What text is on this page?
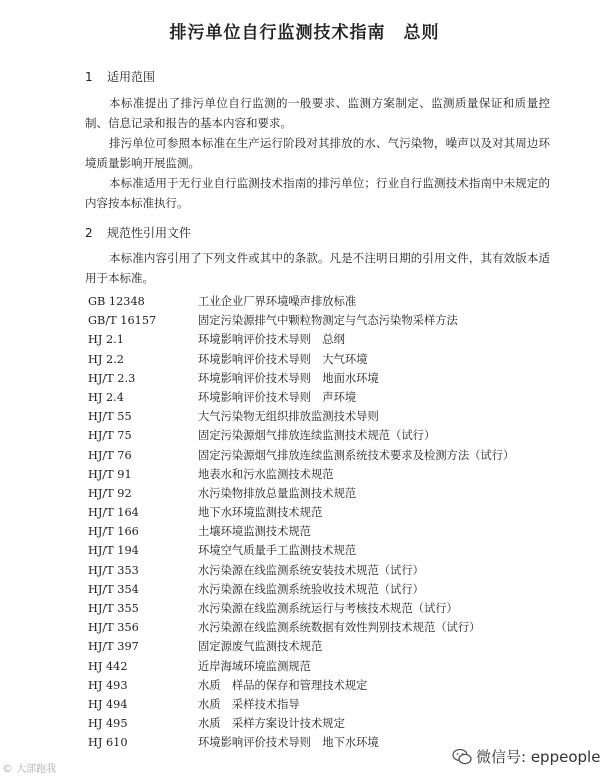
排污单位自行监测技术指南　总则
1 适用范围

本标准提出了排污单位自行监测的一般要求、监测方案制定、监测质量保证和质量控制、信息记录和报告的基本内容和要求。

排污单位可参照本标准在生产运行阶段对其排放的水、气污染物，噪声以及对其周边环境质量影响开展监测。

本标准适用于无行业自行监测技术指南的排污单位；行业自行监测技术指南中未规定的内容按本标准执行。

2 规范性引用文件

本标准内容引用了下列文件或其中的条款。凡是不注明日期的引用文件，其有效版本适用于本标准。

GB 12348	工业企业厂界环境噪声排放标准
GB/T 16157	固定污染源排气中颗粒物测定与气态污染物采样方法
HJ 2.1	环境影响评价技术导则　总纲
HJ 2.2	环境影响评价技术导则　大气环境
HJ/T 2.3	环境影响评价技术导则　地面水环境
HJ 2.4	环境影响评价技术导则　声环境
HJ/T 55	大气污染物无组织排放监测技术导则
HJ/T 75	固定污染源烟气排放连续监测技术规范（试行）
HJ/T 76	固定污染源烟气排放连续监测系统技术要求及检测方法（试行）
HJ/T 91	地表水和污水监测技术规范
HJ/T 92	水污染物排放总量监测技术规范
HJ/T 164	地下水环境监测技术规范
HJ/T 166	土壤环境监测技术规范
HJ/T 194	环境空气质量手工监测技术规范
HJ/T 353	水污染源在线监测系统安装技术规范（试行）
HJ/T 354	水污染源在线监测系统验收技术规范（试行）
HJ/T 355	水污染源在线监测系统运行与考核技术规范（试行）
HJ/T 356	水污染源在线监测系统数据有效性判别技术规范（试行）
HJ/T 397	固定源废气监测技术规范
HJ 442	近岸海域环境监测规范
HJ 493	水质　样品的保存和管理技术规定
HJ 494	水质　采样技术指导
HJ 495	水质　采样方案设计技术规定
HJ 610	环境影响评价技术导则　地下水环境
© 大部跑我
微信号: eppeople
